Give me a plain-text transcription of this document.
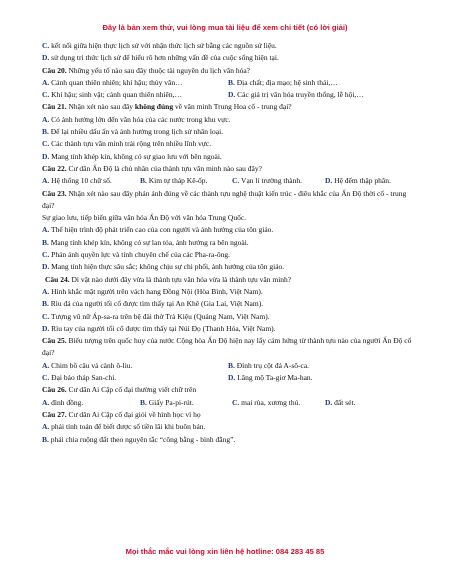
Đây là bản xem thử, vui lòng mua tài liệu để xem chi tiết (có lời giải)
C. kết nối giữa hiện thực lịch sử với nhận thức lịch sử bằng các nguồn sử liệu.
D. sử dụng tri thức lịch sử để hiểu rõ hơn những vấn đề của cuộc sống hiện tại.
Câu 20. Những yếu tố nào sau đây thuộc tài nguyên du lịch văn hóa?
A. Cảnh quan thiên nhiên; khí hậu; thủy văn…	B. Địa chất; địa mạo; hệ sinh thái,…
C. Khí hậu; sinh vật; cảnh quan thiên nhiên,…	D. Các giá trị văn hóa truyền thống, lễ hội,…
Câu 21. Nhận xét nào sau đây không đúng về văn minh Trung Hoa cổ - trung đại?
A. Có ảnh hưởng lớn đến văn hóa của các nước trong khu vực.
B. Để lại nhiều dấu ấn và ảnh hưởng trong lịch sử nhân loại.
C. Các thành tựu văn minh trải rộng trên nhiều lĩnh vực.
D. Mang tính khép kín, không có sự giao lưu với bên ngoài.
Câu 22. Cư dân Ấn Độ là chủ nhân của thành tựu văn minh nào sau đây?
A. Hệ thống 10 chữ số.	B. Kim tự tháp Kê-ốp.	C. Vạn lí trường thành.	D. Hệ đếm thập phân.
Câu 23. Nhận xét nào sau đây phản ánh đúng về các thành tựu nghệ thuật kiến trúc - điêu khắc của Ấn Độ thời cổ - trung đại?
Sự giao lưu, tiếp biến giữa văn hóa Ấn Độ với văn hóa Trung Quốc.
A. Thể hiện trình độ phát triển cao của con người và ảnh hưởng của tôn giáo.
B. Mang tính khép kín, không có sự lan tỏa, ảnh hưởng ra bên ngoài.
C. Phản ánh quyền lực và tính chuyên chế của các Pha-ra-ông.
D. Mang tính hiện thực sâu sắc; không chịu sự chi phối, ảnh hưởng của tôn giáo.
Câu 24. Di vật nào dưới đây vừa là thành tựu văn hóa vừa là thành tựu văn minh?
A. Hình khắc mặt người trên vách hang Đồng Nội (Hòa Bình, Việt Nam).
B. Rìu đá của người tối cổ được tìm thấy tại An Khê (Gia Lai, Việt Nam).
C. Tượng vũ nữ Áp-sa-ra trên bệ đài thờ Trà Kiệu (Quảng Nam, Việt Nam).
D. Rìu tay của người tối cổ được tìm thấy tại Núi Đọ (Thanh Hóa, Việt Nam).
Câu 25. Biểu tượng trên quốc huy của nước Cộng hòa Ấn Độ hiện nay lấy cảm hứng từ thành tựu nào của người Ấn Độ cổ đại?
A. Chim bồ câu và cành ô-liu.	B. Đỉnh trụ cột đá A-sô-ca.
C. Đại bảo tháp San-chi.	D. Lăng mộ Ta-giơ Ma-han.
Câu 26. Cư dân Ai Cập cổ đại thường viết chữ trên
A. đình đồng.	B. Giấy Pa-pi-rút.	C. mai rùa, xương thú.	D. đất sét.
Câu 27. Cư dân Ai Cập cổ đại giỏi về hình học vì họ
A. phải tính toán để biết được số tiền lãi khi buôn bán.
B. phải chia ruộng đất theo nguyên tắc “công bằng - bình đẳng”.
Mọi thắc mắc vui lòng xin liên hệ hotline: 084 283 45 85
